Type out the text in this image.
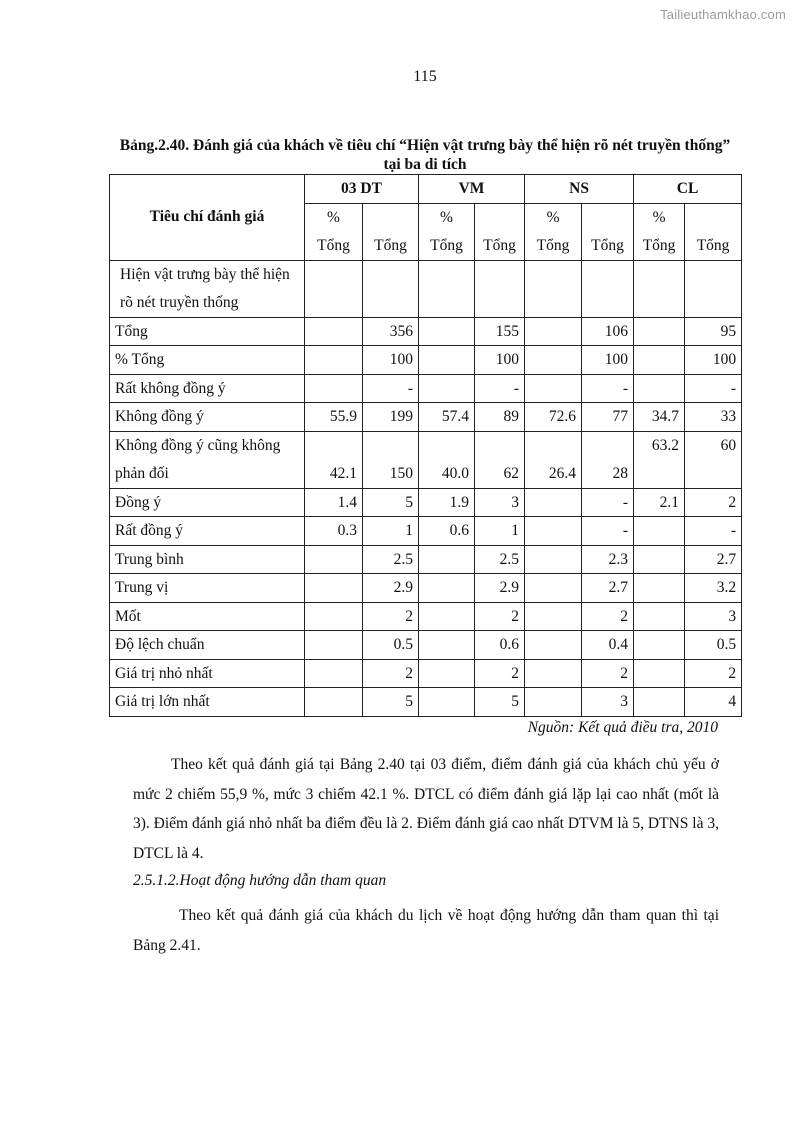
Tailieuthamkhao.com
115
Bảng.2.40. Đánh giá của khách về tiêu chí “Hiện vật trưng bày thể hiện rõ nét truyền thống” tại ba di tích
Tiêu chí đánh giá	03 DT		VM		NS		CL	
	% Tổng	Tổng	% Tổng	Tổng	% Tổng	Tổng	% Tổng	Tổng
Hiện vật trưng bày thể hiện rõ nét truyền thống								
Tổng		356		155		106		95
% Tổng		100		100		100		100
Rất không đồng ý		-		-		-		-
Không đồng ý	55.9	199	57.4	89	72.6	77	34.7	33
Không đồng ý cũng không phản đối	42.1	150	40.0	62	26.4	28	63.2	60
Đồng ý	1.4	5	1.9	3		-	2.1	2
Rất đồng ý	0.3	1	0.6	1		-		-
Trung bình		2.5		2.5		2.3		2.7
Trung vị		2.9		2.9		2.7		3.2
Mốt		2		2		2		3
Độ lệch chuẩn		0.5		0.6		0.4		0.5
Giá trị nhỏ nhất		2		2		2		2
Giá trị lớn nhất		5		5		3		4
Nguồn: Kết quả điều tra, 2010
Theo kết quả đánh giá tại Bảng 2.40 tại 03 điểm, điểm đánh giá của khách chủ yếu ở mức 2 chiếm 55,9 %, mức 3 chiếm 42.1 %. DTCL có điểm đánh giá lặp lại cao nhất (mốt là 3). Điểm đánh giá nhỏ nhất ba điểm đều là 2. Điểm đánh giá cao nhất DTVM là 5, DTNS là 3, DTCL là 4.
2.5.1.2.Hoạt động hướng dẫn tham quan
Theo kết quả đánh giá của khách du lịch về hoạt động hướng dẫn tham quan thì tại Bảng 2.41.
